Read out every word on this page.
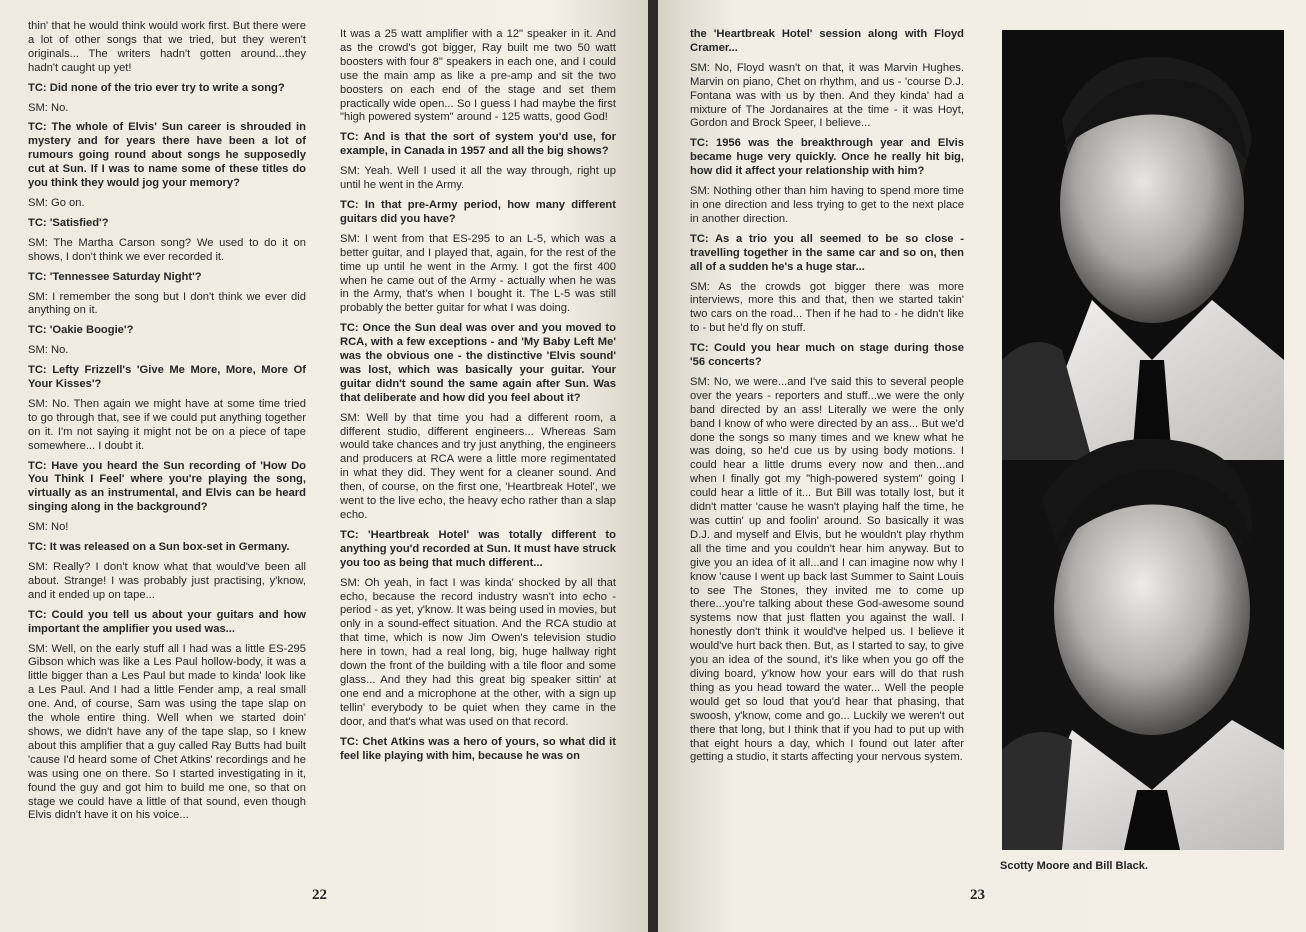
thin' that he would think would work first. But there were a lot of other songs that we tried, but they weren't originals... The writers hadn't gotten around...they hadn't caught up yet!

TC: Did none of the trio ever try to write a song?

SM: No.

TC: The whole of Elvis' Sun career is shrouded in mystery and for years there have been a lot of rumours going round about songs he supposedly cut at Sun. If I was to name some of these titles do you think they would jog your memory?

SM: Go on.

TC: 'Satisfied'?

SM: The Martha Carson song? We used to do it on shows, I don't think we ever recorded it.

TC: 'Tennessee Saturday Night'?

SM: I remember the song but I don't think we ever did anything on it.

TC: 'Oakie Boogie'?

SM: No.

TC: Lefty Frizzell's 'Give Me More, More, More Of Your Kisses'?

SM: No. Then again we might have at some time tried to go through that, see if we could put anything together on it. I'm not saying it might not be on a piece of tape somewhere... I doubt it.

TC: Have you heard the Sun recording of 'How Do You Think I Feel' where you're playing the song, virtually as an instrumental, and Elvis can be heard singing along in the background?

SM: No!

TC: It was released on a Sun box-set in Germany.

SM: Really? I don't know what that would've been all about. Strange! I was probably just practising, y'know, and it ended up on tape...

TC: Could you tell us about your guitars and how important the amplifier you used was...

SM: Well, on the early stuff all I had was a little ES-295 Gibson which was like a Les Paul hollow-body, it was a little bigger than a Les Paul but made to kinda' look like a Les Paul. And I had a little Fender amp, a real small one. And, of course, Sam was using the tape slap on the whole entire thing. Well when we started doin' shows, we didn't have any of the tape slap, so I knew about this amplifier that a guy called Ray Butts had built 'cause I'd heard some of Chet Atkins' recordings and he was using one on there. So I started investigating in it, found the guy and got him to build me one, so that on stage we could have a little of that sound, even though Elvis didn't have it on his voice...

It was a 25 watt amplifier with a 12" speaker in it. And as the crowd's got bigger, Ray built me two 50 watt boosters with four 8" speakers in each one, and I could use the main amp as like a pre-amp and sit the two boosters on each end of the stage and set them practically wide open... So I guess I had maybe the first "high powered system" around - 125 watts, good God!

TC: And is that the sort of system you'd use, for example, in Canada in 1957 and all the big shows?

SM: Yeah. Well I used it all the way through, right up until he went in the Army.

TC: In that pre-Army period, how many different guitars did you have?

SM: I went from that ES-295 to an L-5, which was a better guitar, and I played that, again, for the rest of the time up until he went in the Army. I got the first 400 when he came out of the Army - actually when he was in the Army, that's when I bought it. The L-5 was still probably the better guitar for what I was doing.

TC: Once the Sun deal was over and you moved to RCA, with a few exceptions - and 'My Baby Left Me' was the obvious one - the distinctive 'Elvis sound' was lost, which was basically your guitar. Your guitar didn't sound the same again after Sun. Was that deliberate and how did you feel about it?

SM: Well by that time you had a different room, a different studio, different engineers... Whereas Sam would take chances and try just anything, the engineers and producers at RCA were a little more regimentated in what they did. They went for a cleaner sound. And then, of course, on the first one, 'Heartbreak Hotel', we went to the live echo, the heavy echo rather than a slap echo.

TC: 'Heartbreak Hotel' was totally different to anything you'd recorded at Sun. It must have struck you too as being that much different...

SM: Oh yeah, in fact I was kinda' shocked by all that echo, because the record industry wasn't into echo - period - as yet, y'know. It was being used in movies, but only in a sound-effect situation. And the RCA studio at that time, which is now Jim Owen's television studio here in town, had a real long, big, huge hallway right down the front of the building with a tile floor and some glass... And they had this great big speaker sittin' at one end and a microphone at the other, with a sign up tellin' everybody to be quiet when they came in the door, and that's what was used on that record.

TC: Chet Atkins was a hero of yours, so what did it feel like playing with him, because he was on

22

the 'Heartbreak Hotel' session along with Floyd Cramer...

SM: No, Floyd wasn't on that, it was Marvin Hughes. Marvin on piano, Chet on rhythm, and us - 'course D.J. Fontana was with us by then. And they kinda' had a mixture of The Jordanaires at the time - it was Hoyt, Gordon and Brock Speer, I believe...

TC: 1956 was the breakthrough year and Elvis became huge very quickly. Once he really hit big, how did it affect your relationship with him?

SM: Nothing other than him having to spend more time in one direction and less trying to get to the next place in another direction.

TC: As a trio you all seemed to be so close - travelling together in the same car and so on, then all of a sudden he's a huge star...

SM: As the crowds got bigger there was more interviews, more this and that, then we started takin' two cars on the road... Then if he had to - he didn't like to - but he'd fly on stuff.

TC: Could you hear much on stage during those '56 concerts?

SM: No, we were...and I've said this to several people over the years - reporters and stuff...we were the only band directed by an ass! Literally we were the only band I know of who were directed by an ass... But we'd done the songs so many times and we knew what he was doing, so he'd cue us by using body motions. I could hear a little drums every now and then...and when I finally got my "high-powered system" going I could hear a little of it... But Bill was totally lost, but it didn't matter 'cause he wasn't playing half the time, he was cuttin' up and foolin' around. So basically it was D.J. and myself and Elvis, but he wouldn't play rhythm all the time and you couldn't hear him anyway. But to give you an idea of it all...and I can imagine now why I know 'cause I went up back last Summer to Saint Louis to see The Stones, they invited me to come up there...you're talking about these God-awesome sound systems now that just flatten you against the wall. I honestly don't think it would've helped us. I believe it would've hurt back then. But, as I started to say, to give you an idea of the sound, it's like when you go off the diving board, y'know how your ears will do that rush thing as you head toward the water... Well the people would get so loud that you'd hear that phasing, that swoosh, y'know, come and go... Luckily we weren't out there that long, but I think that if you had to put up with that eight hours a day, which I found out later after getting a studio, it starts affecting your nervous system.

Scotty Moore and Bill Black.
23
